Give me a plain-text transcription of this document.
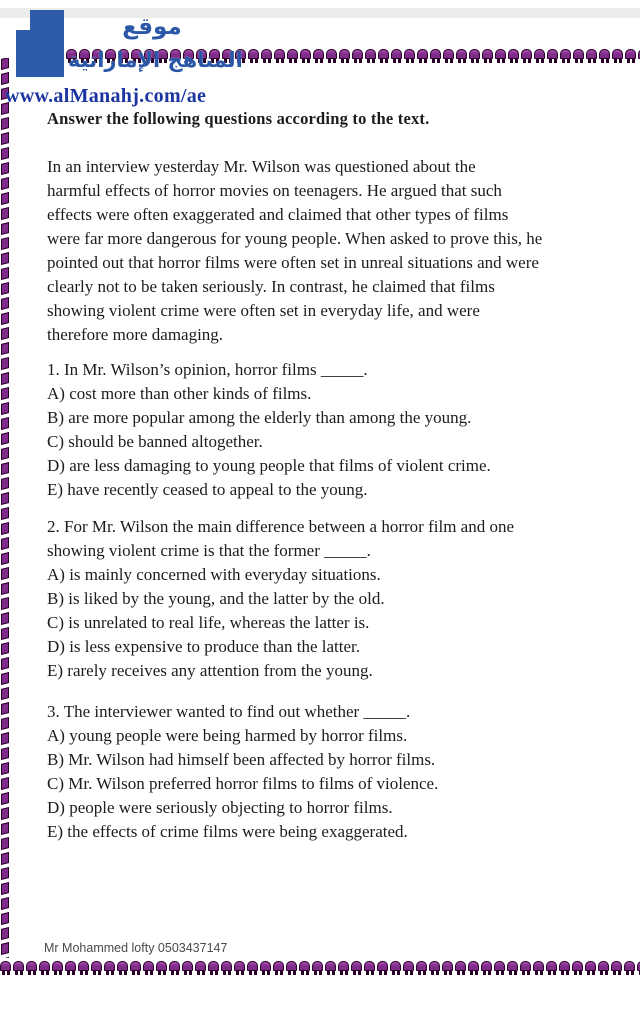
موقع
المناهج الإماراتية
www.alManahj.com/ae
Answer the following questions according to the text.
In an interview yesterday Mr. Wilson was questioned about the
harmful effects of horror movies on teenagers. He argued that such
effects were often exaggerated and claimed that other types of films
were far more dangerous for young people. When asked to prove this, he
pointed out that horror films were often set in unreal situations and were
clearly not to be taken seriously. In contrast, he claimed that films
showing violent crime were often set in everyday life, and were
therefore more damaging.
1. In Mr. Wilson’s opinion, horror films _____.
A) cost more than other kinds of films.
B) are more popular among the elderly than among the young.
C) should be banned altogether.
D) are less damaging to young people that films of violent crime.
E) have recently ceased to appeal to the young.
2. For Mr. Wilson the main difference between a horror film and one
showing violent crime is that the former _____.
A) is mainly concerned with everyday situations.
B) is liked by the young, and the latter by the old.
C) is unrelated to real life, whereas the latter is.
D) is less expensive to produce than the latter.
E) rarely receives any attention from the young.
3. The interviewer wanted to find out whether _____.
A) young people were being harmed by horror films.
B) Mr. Wilson had himself been affected by horror films.
C) Mr. Wilson preferred horror films to films of violence.
D) people were seriously objecting to horror films.
E) the effects of crime films were being exaggerated.
Mr Mohammed lofty 0503437147
